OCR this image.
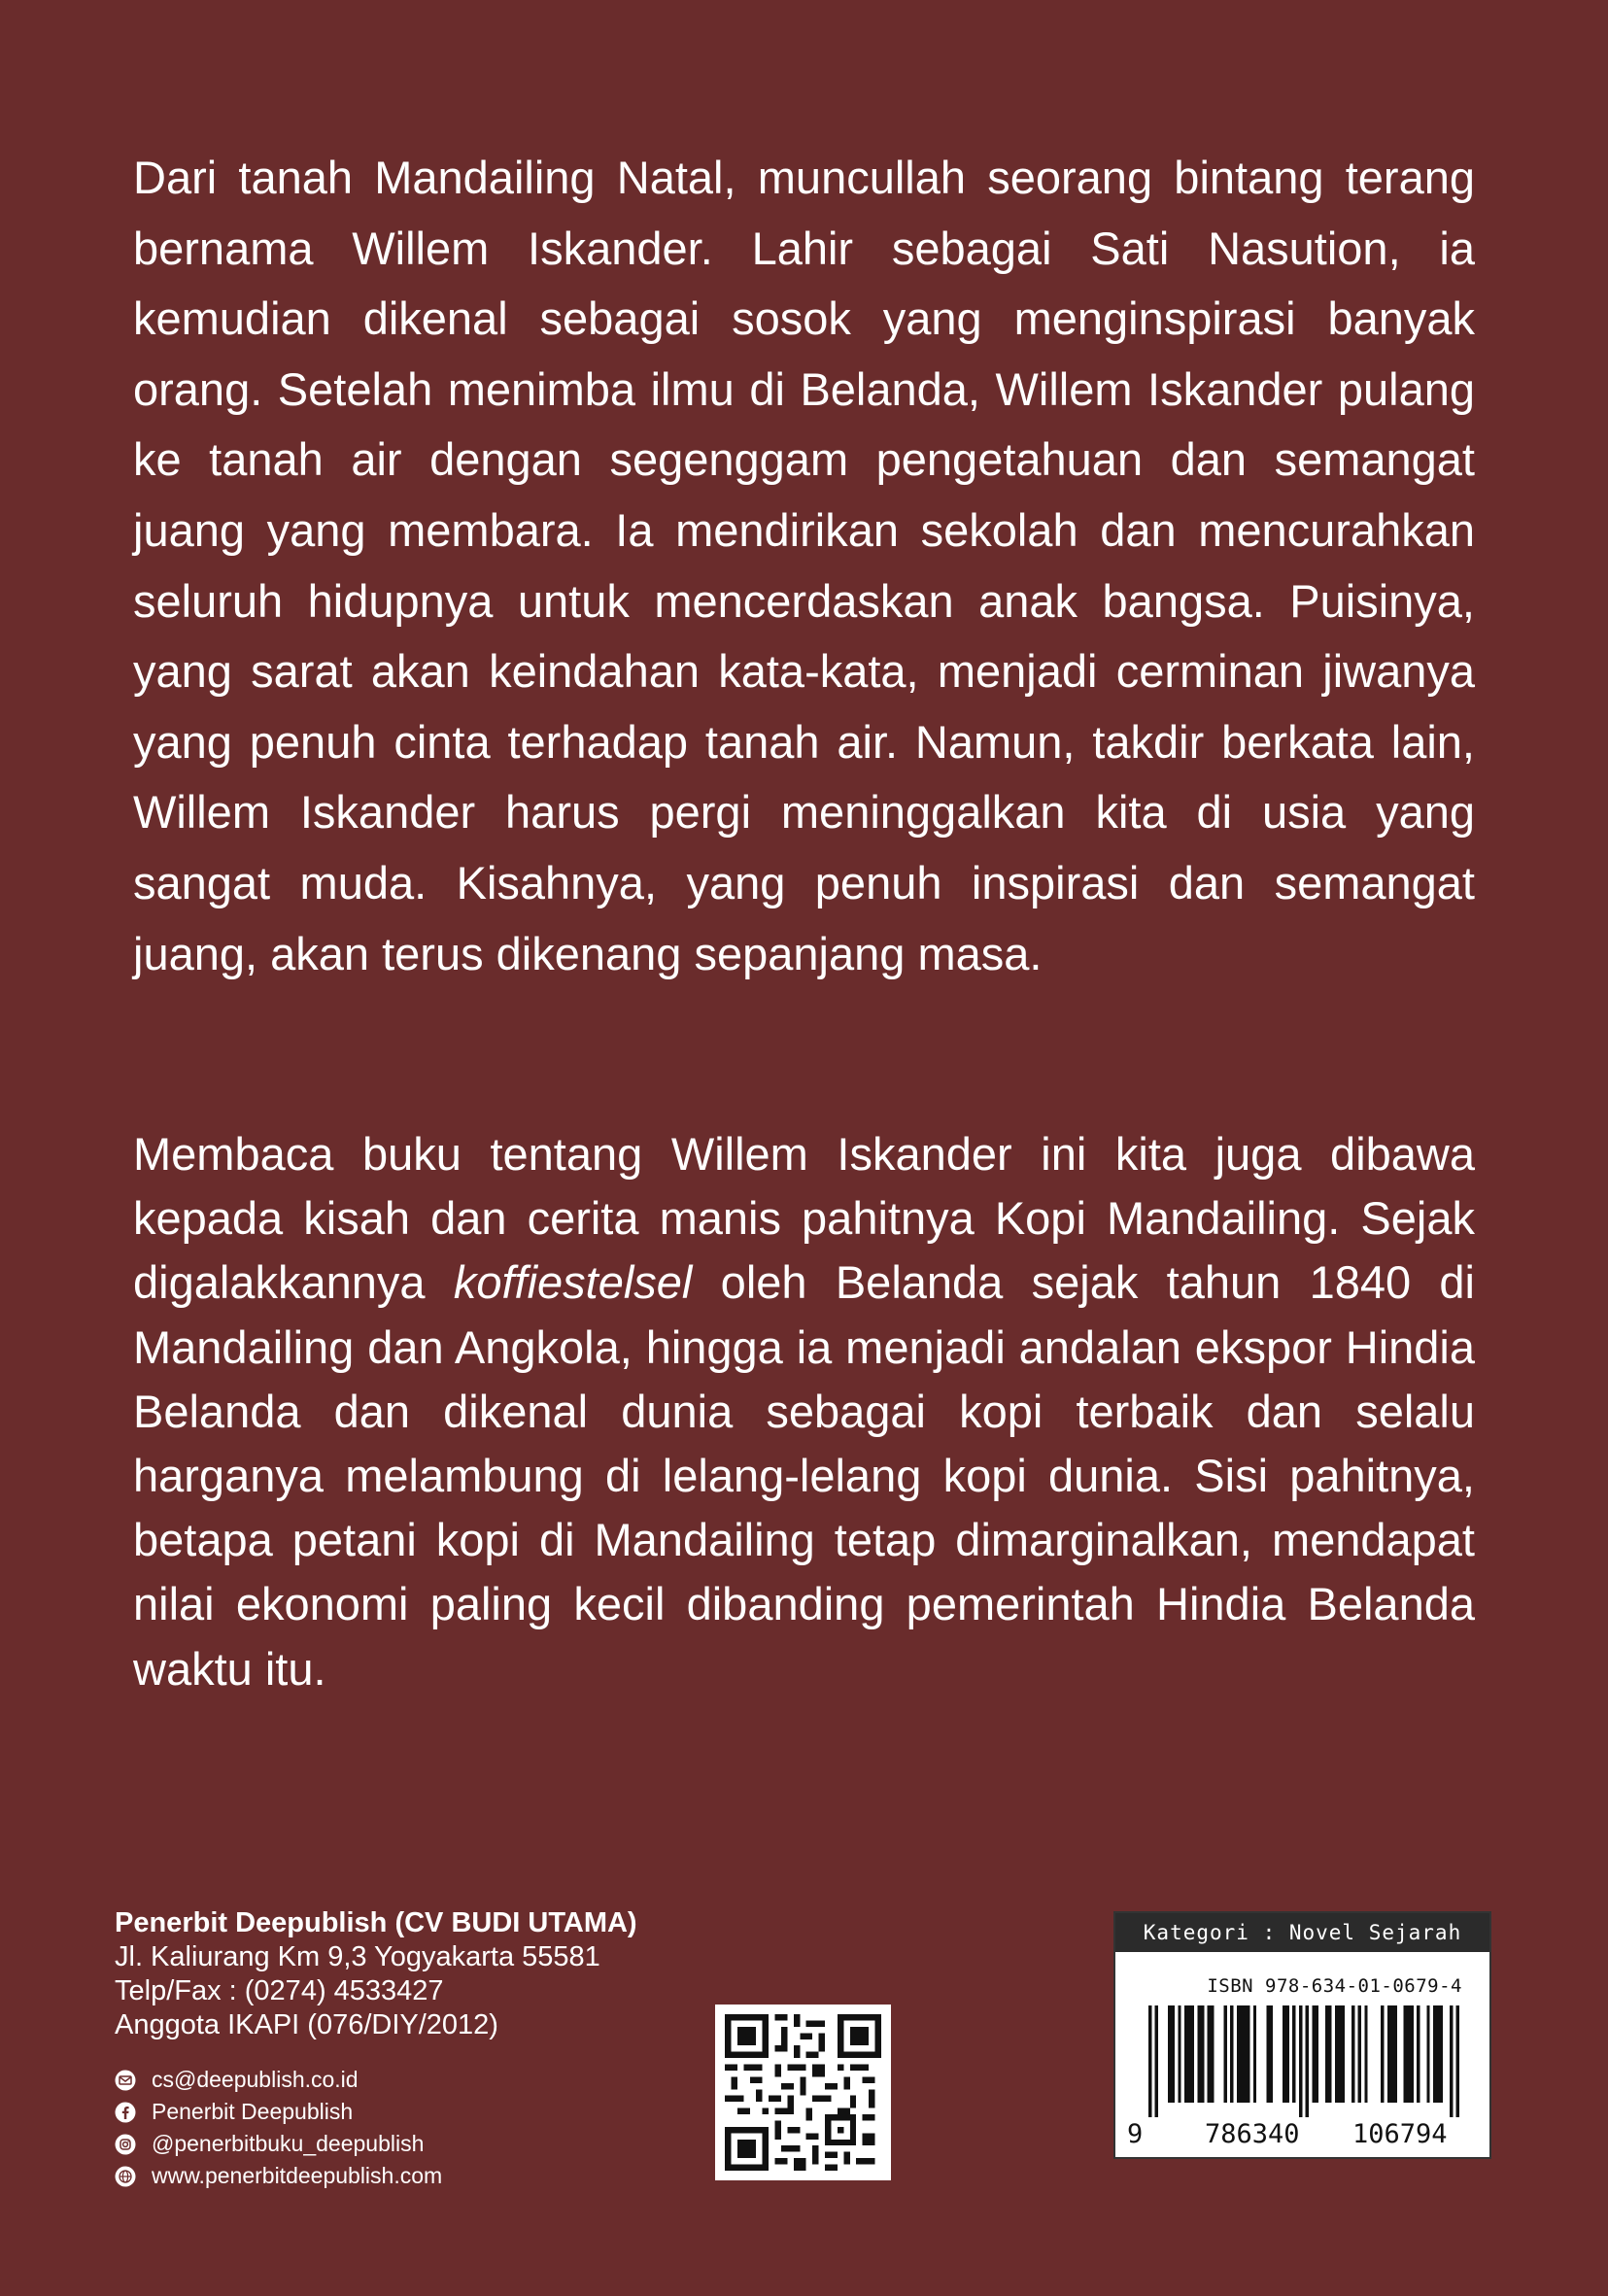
Dari tanah Mandailing Natal, muncullah seorang bintang terang bernama Willem Iskander. Lahir sebagai Sati Nasution, ia kemudian dikenal sebagai sosok yang menginspirasi banyak orang. Setelah menimba ilmu di Belanda, Willem Iskander pulang ke tanah air dengan segenggam pengetahuan dan semangat juang yang membara. Ia mendirikan sekolah dan mencurahkan seluruh hidupnya untuk mencerdaskan anak bangsa. Puisinya, yang sarat akan keindahan kata-kata, menjadi cerminan jiwanya yang penuh cinta terhadap tanah air. Namun, takdir berkata lain, Willem Iskander harus pergi meninggalkan kita di usia yang sangat muda. Kisahnya, yang penuh inspirasi dan semangat juang, akan terus dikenang sepanjang masa.

Membaca buku tentang Willem Iskander ini kita juga dibawa kepada kisah dan cerita manis pahitnya Kopi Mandailing. Sejak digalakkannya koffiestelsel oleh Belanda sejak tahun 1840 di Mandailing dan Angkola, hingga ia menjadi andalan ekspor Hindia Belanda dan dikenal dunia sebagai kopi terbaik dan selalu harganya melambung di lelang-lelang kopi dunia. Sisi pahitnya, betapa petani kopi di Mandailing tetap dimarginalkan, mendapat nilai ekonomi paling kecil dibanding pemerintah Hindia Belanda waktu itu.

Penerbit Deepublish (CV BUDI UTAMA)
Jl. Kaliurang Km 9,3 Yogyakarta 55581
Telp/Fax : (0274) 4533427
Anggota IKAPI (076/DIY/2012)
cs@deepublish.co.id
Penerbit Deepublish
@penerbitbuku_deepublish
www.penerbitdeepublish.com
Kategori : Novel Sejarah
ISBN 978-634-01-0679-4
9 786340 106794
